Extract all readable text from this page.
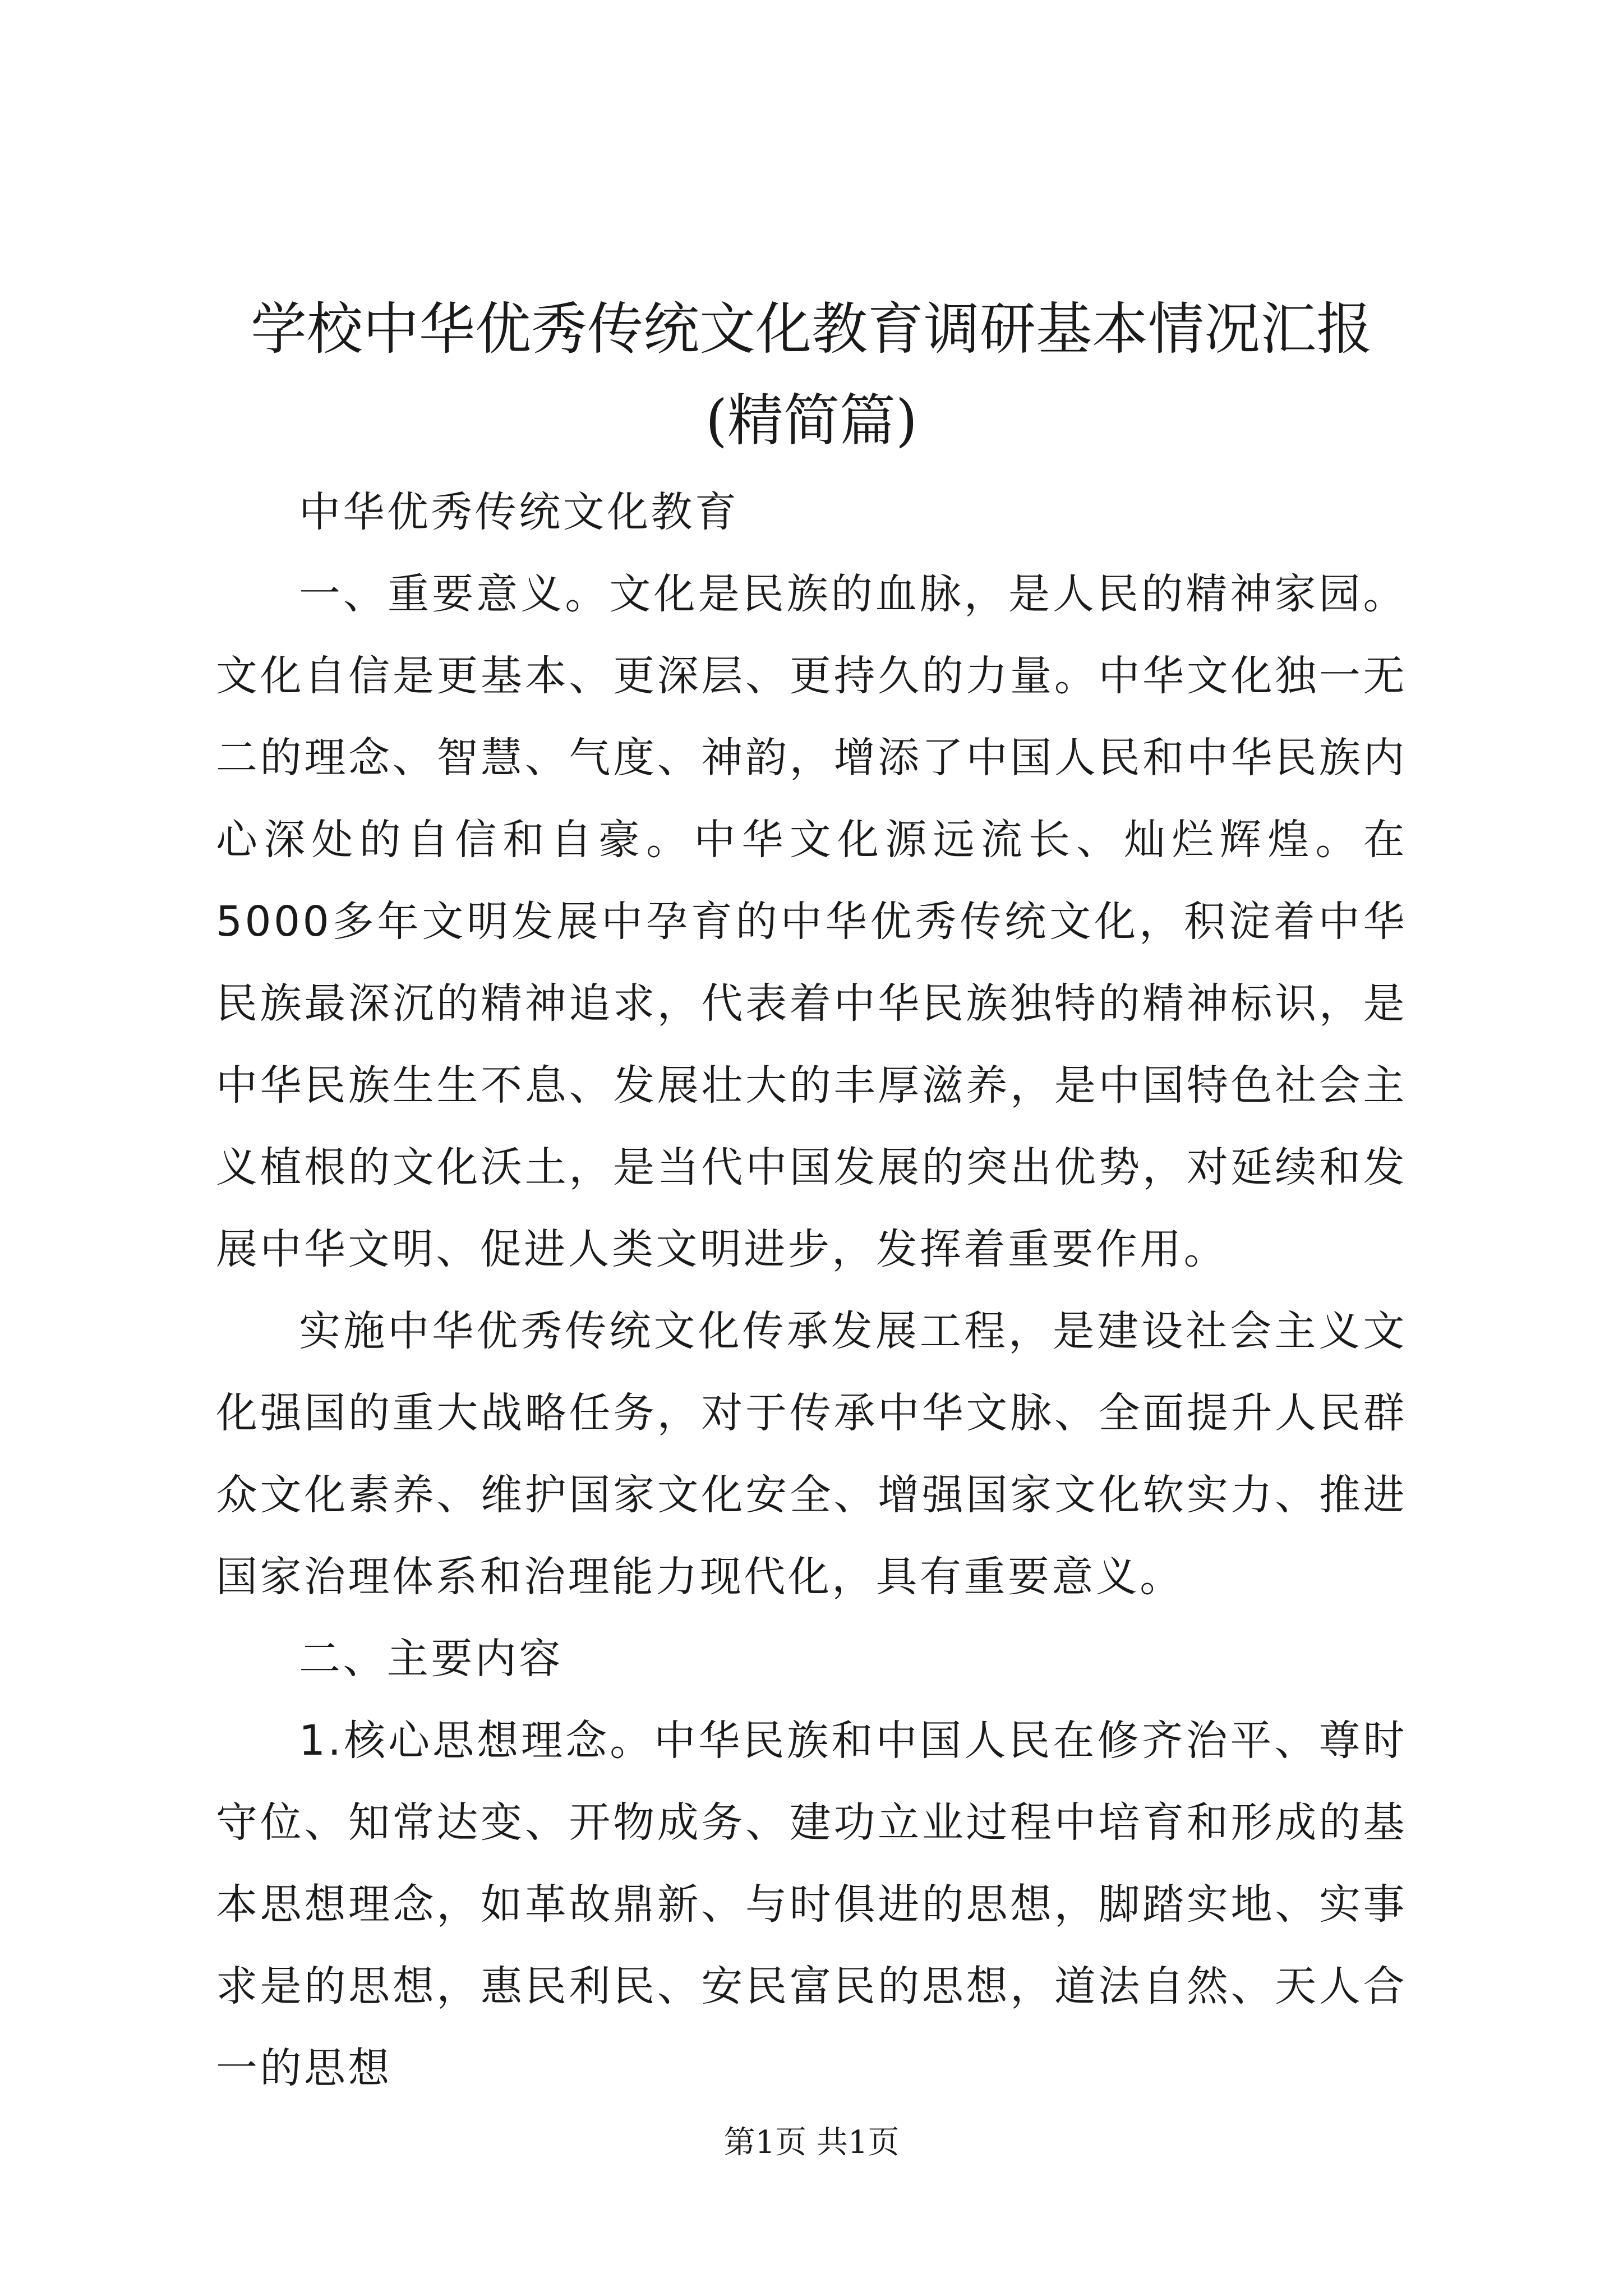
学校中华优秀传统文化教育调研基本情况汇报
(精简篇)

中华优秀传统文化教育

一、重要意义。文化是民族的血脉，是人民的精神家园。文化自信是更基本、更深层、更持久的力量。中华文化独一无二的理念、智慧、气度、神韵，增添了中国人民和中华民族内心深处的自信和自豪。中华文化源远流长、灿烂辉煌。在5000多年文明发展中孕育的中华优秀传统文化，积淀着中华民族最深沉的精神追求，代表着中华民族独特的精神标识，是中华民族生生不息、发展壮大的丰厚滋养，是中国特色社会主义植根的文化沃土，是当代中国发展的突出优势，对延续和发展中华文明、促进人类文明进步，发挥着重要作用。

实施中华优秀传统文化传承发展工程，是建设社会主义文化强国的重大战略任务，对于传承中华文脉、全面提升人民群众文化素养、维护国家文化安全、增强国家文化软实力、推进国家治理体系和治理能力现代化，具有重要意义。

二、主要内容

1.核心思想理念。中华民族和中国人民在修齐治平、尊时守位、知常达变、开物成务、建功立业过程中培育和形成的基本思想理念，如革故鼎新、与时俱进的思想，脚踏实地、实事求是的思想，惠民利民、安民富民的思想，道法自然、天人合一的思想

第1页 共1页
